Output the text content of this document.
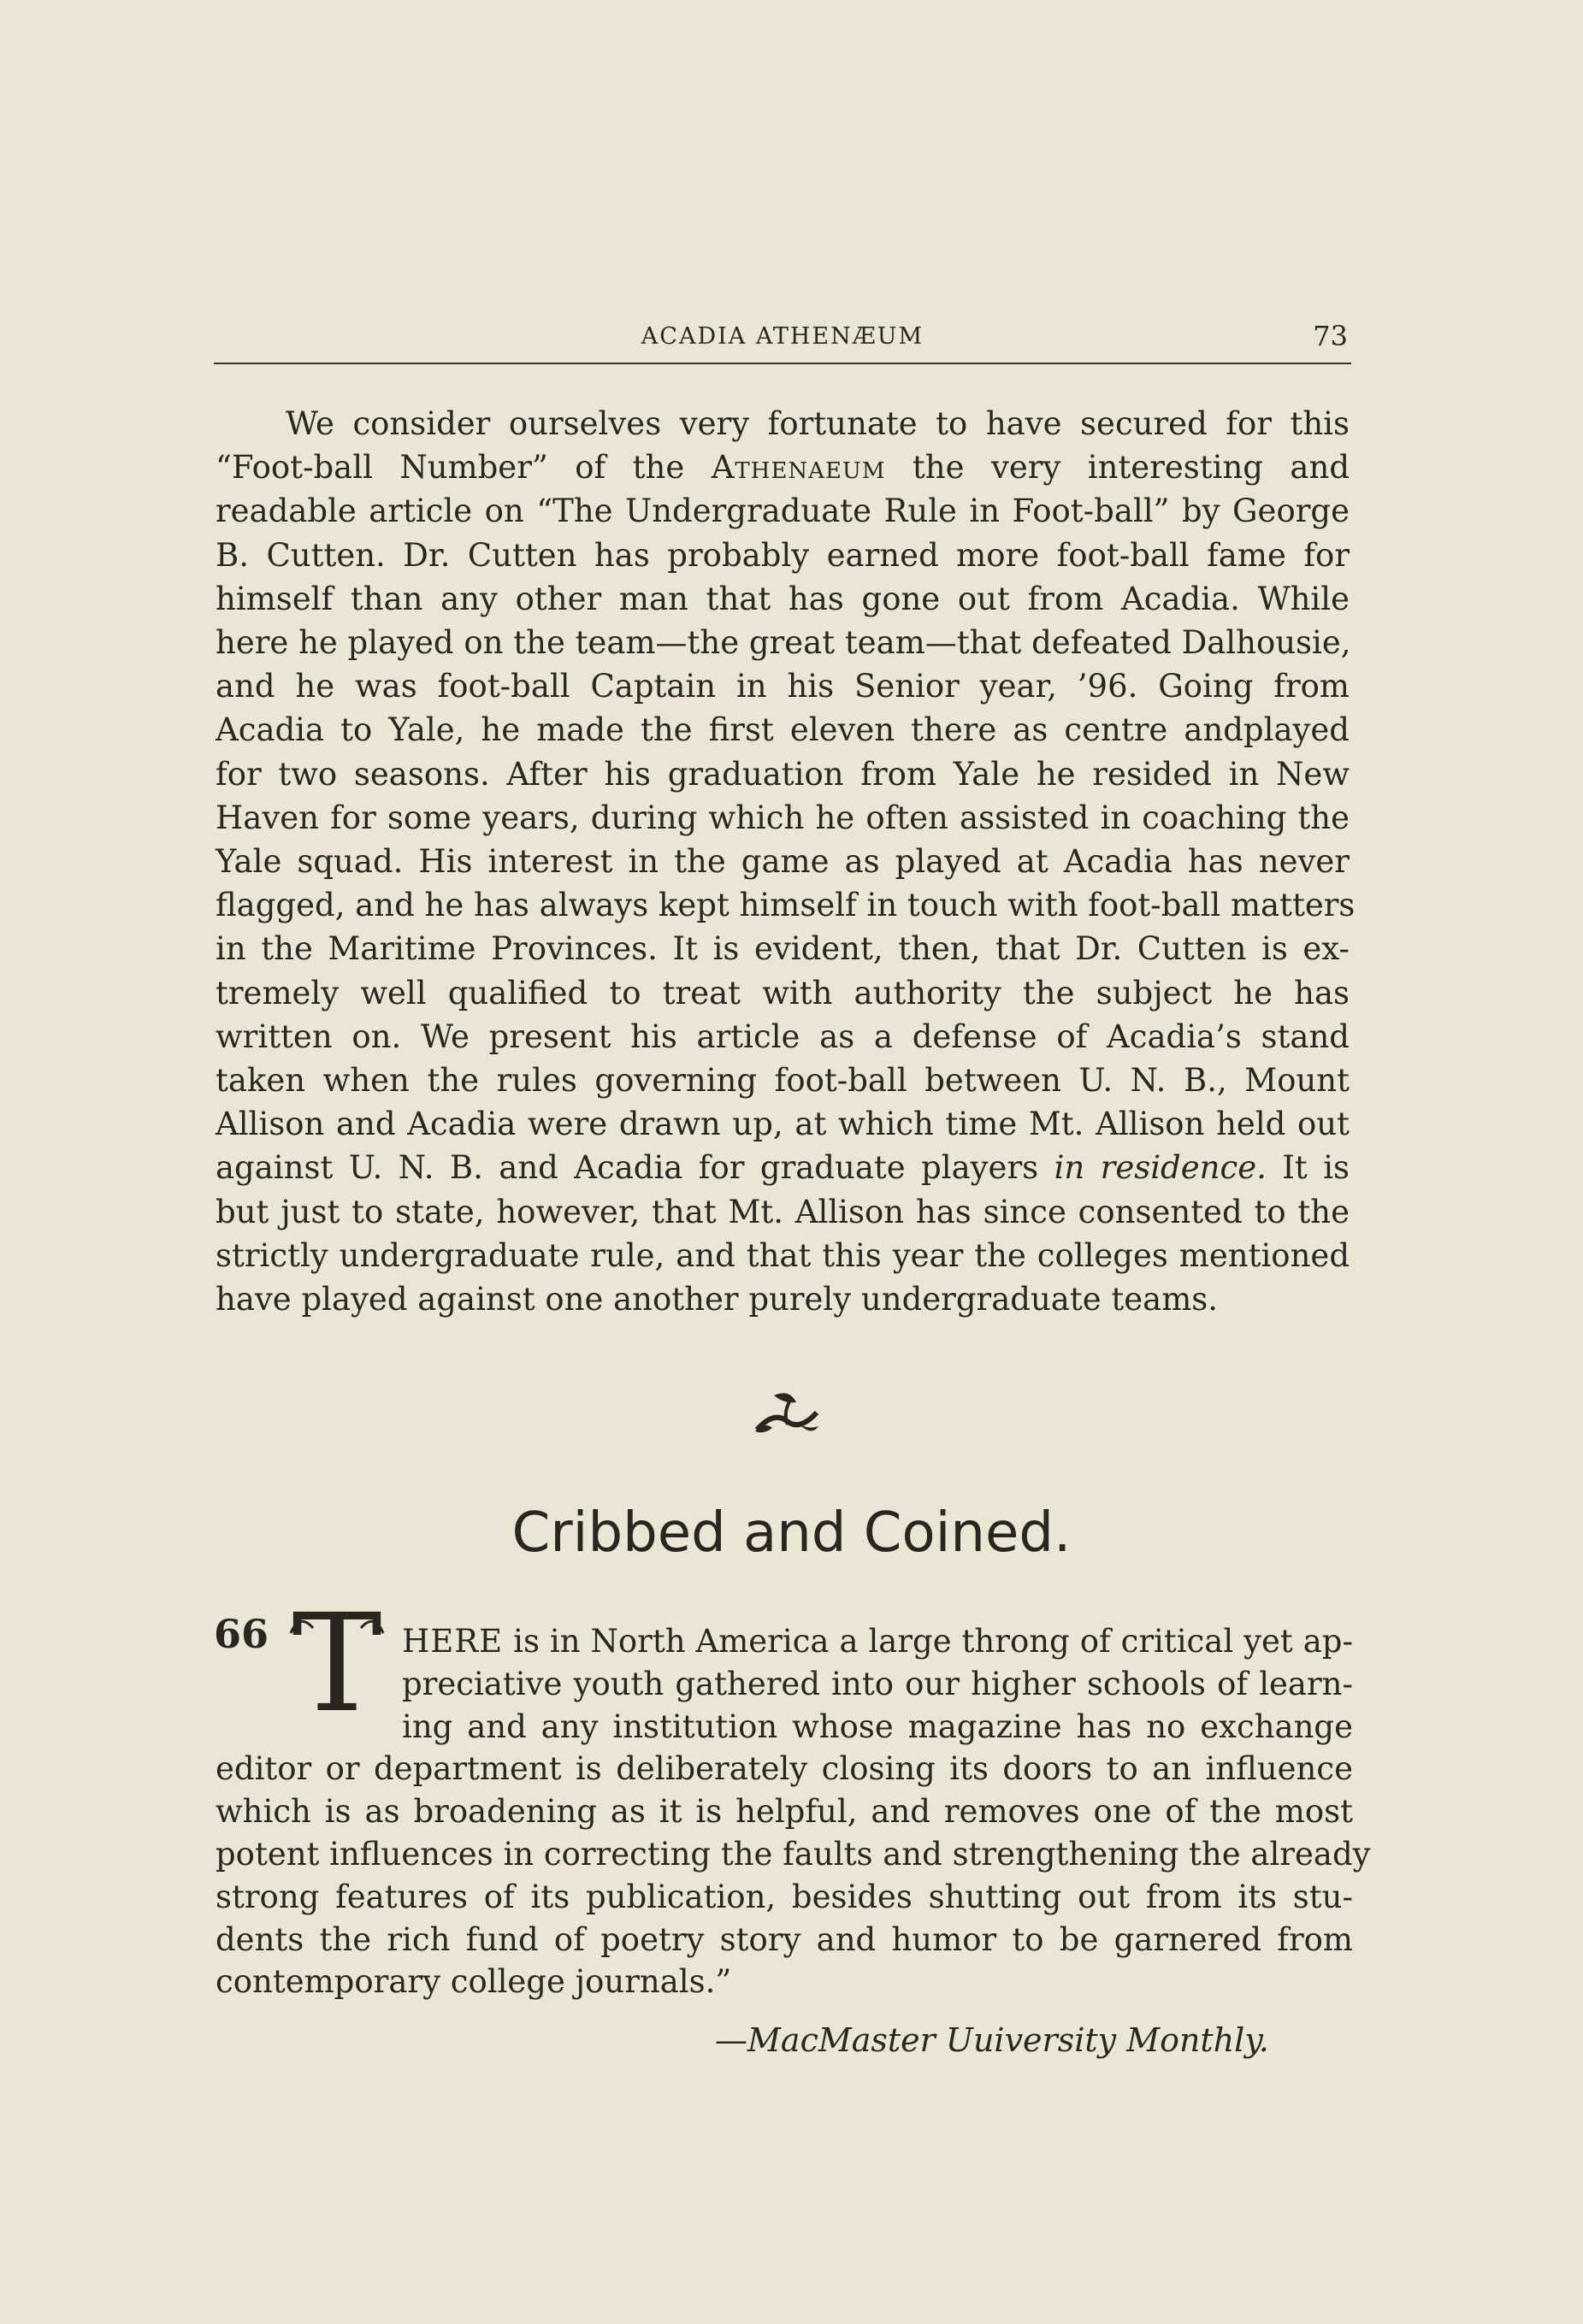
ACADIA ATHENÆUM	73

We consider ourselves very fortunate to have secured for this
“Foot-ball Number” of the Athenaeum the very interesting and
readable article on “The Undergraduate Rule in Foot-ball” by George
B. Cutten. Dr. Cutten has probably earned more foot-ball fame for
himself than any other man that has gone out from Acadia. While
here he played on the team—the great team—that defeated Dalhousie,
and he was foot-ball Captain in his Senior year, ’96. Going from
Acadia to Yale, he made the first eleven there as centre andplayed
for two seasons. After his graduation from Yale he resided in New
Haven for some years, during which he often assisted in coaching the
Yale squad. His interest in the game as played at Acadia has never
flagged, and he has always kept himself in touch with foot-ball matters
in the Maritime Provinces. It is evident, then, that Dr. Cutten is ex-
tremely well qualified to treat with authority the subject he has
written on. We present his article as a defense of Acadia’s stand
taken when the rules governing foot-ball between U. N. B., Mount
Allison and Acadia were drawn up, at which time Mt. Allison held out
against U. N. B. and Acadia for graduate players in residence. It is
but just to state, however, that Mt. Allison has since consented to the
strictly undergraduate rule, and that this year the colleges mentioned
have played against one another purely undergraduate teams.

Cribbed and Coined.
66 T HERE is in North America a large throng of critical yet ap-
preciative youth gathered into our higher schools of learn-
ing and any institution whose magazine has no exchange
editor or department is deliberately closing its doors to an influence
which is as broadening as it is helpful, and removes one of the most
potent influences in correcting the faults and strengthening the already
strong features of its publication, besides shutting out from its stu-
dents the rich fund of poetry story and humor to be garnered from
contemporary college journals.”
—MacMaster Uuiversity Monthly.
